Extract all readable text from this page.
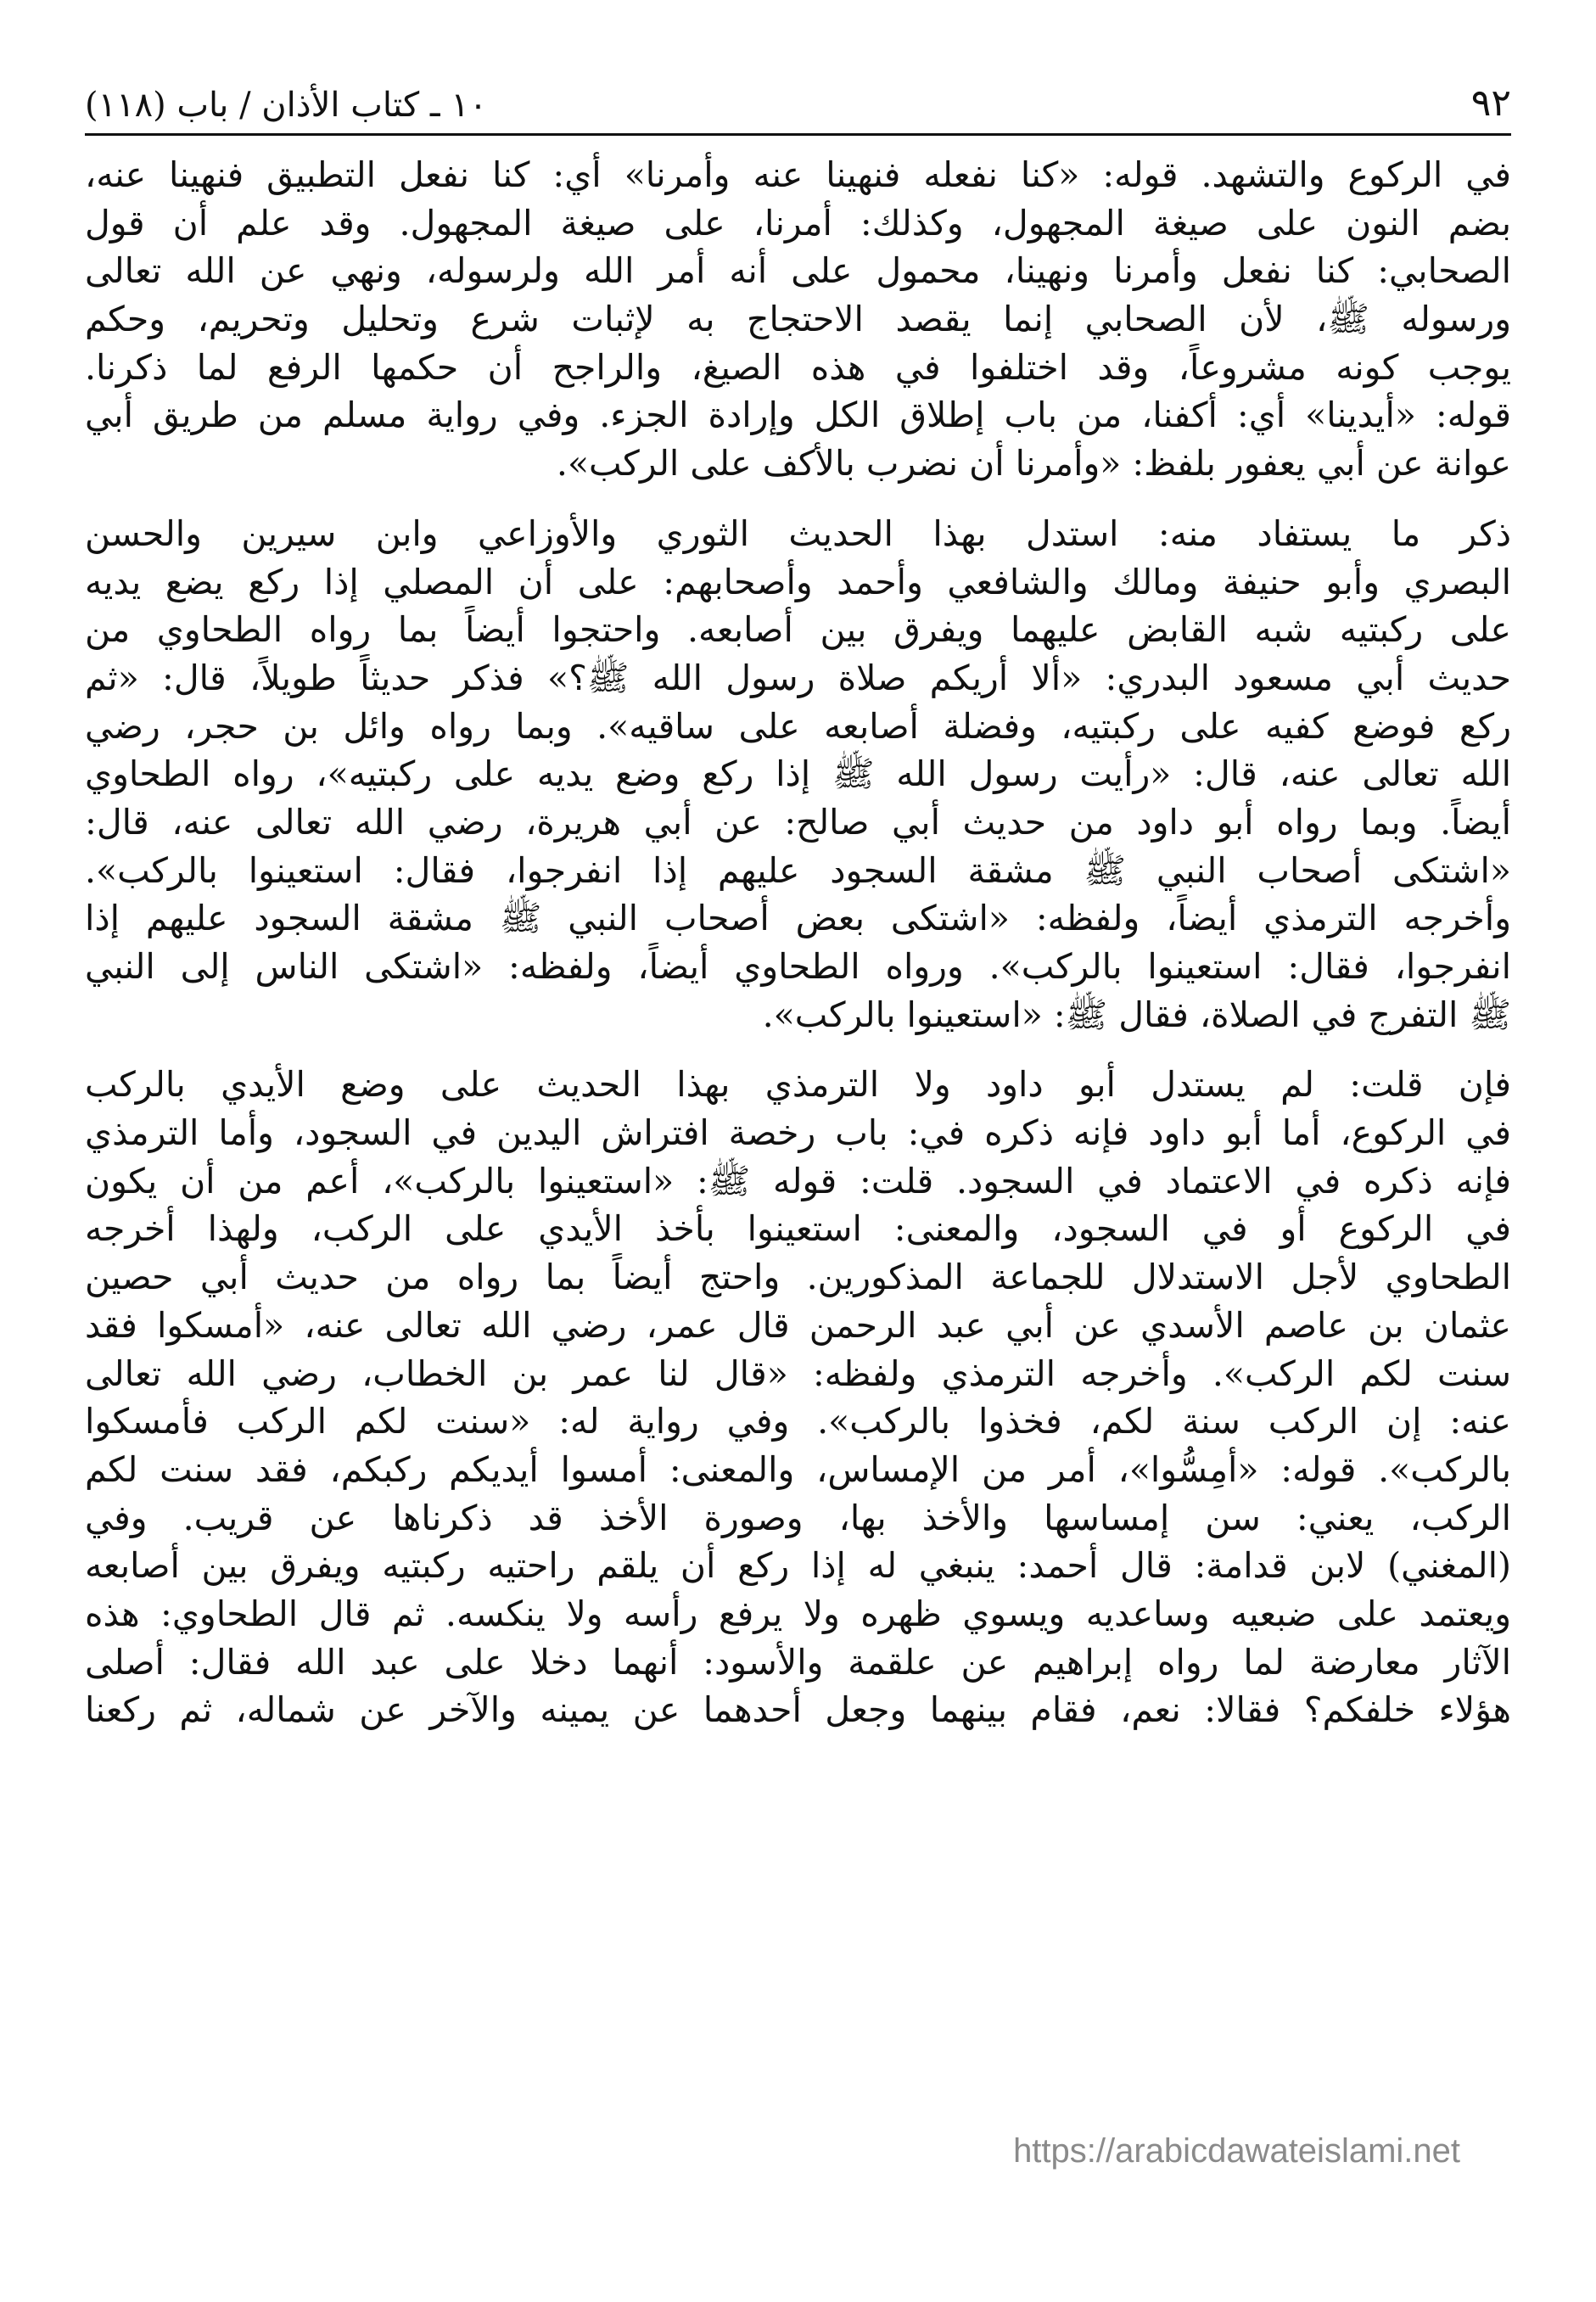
١٠ ـ كتاب الأذان / باب (١١٨)	٩٢
في الركوع والتشهد. قوله: «كنا نفعله فنهينا عنه وأمرنا» أي: كنا نفعل التطبيق فنهينا عنه،
بضم النون على صيغة المجهول، وكذلك: أمرنا، على صيغة المجهول. وقد علم أن قول
الصحابي: كنا نفعل وأمرنا ونهينا، محمول على أنه أمر الله ولرسوله، ونهي عن الله تعالى
ورسوله ﷺ، لأن الصحابي إنما يقصد الاحتجاج به لإثبات شرع وتحليل وتحريم، وحكم
يوجب كونه مشروعاً، وقد اختلفوا في هذه الصيغ، والراجح أن حكمها الرفع لما ذكرنا.
قوله: «أيدينا» أي: أكفنا، من باب إطلاق الكل وإرادة الجزء. وفي رواية مسلم من طريق أبي
عوانة عن أبي يعفور بلفظ: «وأمرنا أن نضرب بالأكف على الركب».
ذكر ما يستفاد منه: استدل بهذا الحديث الثوري والأوزاعي وابن سيرين والحسن
البصري وأبو حنيفة ومالك والشافعي وأحمد وأصحابهم: على أن المصلي إذا ركع يضع يديه
على ركبتيه شبه القابض عليهما ويفرق بين أصابعه. واحتجوا أيضاً بما رواه الطحاوي من
حديث أبي مسعود البدري: «ألا أريكم صلاة رسول الله ﷺ؟» فذكر حديثاً طويلاً، قال: «ثم
ركع فوضع كفيه على ركبتيه، وفضلة أصابعه على ساقيه». وبما رواه وائل بن حجر، رضي
الله تعالى عنه، قال: «رأيت رسول الله ﷺ إذا ركع وضع يديه على ركبتيه»، رواه الطحاوي
أيضاً. وبما رواه أبو داود من حديث أبي صالح: عن أبي هريرة، رضي الله تعالى عنه، قال:
«اشتكى أصحاب النبي ﷺ مشقة السجود عليهم إذا انفرجوا، فقال: استعينوا بالركب».
وأخرجه الترمذي أيضاً، ولفظه: «اشتكى بعض أصحاب النبي ﷺ مشقة السجود عليهم إذا
انفرجوا، فقال: استعينوا بالركب». ورواه الطحاوي أيضاً، ولفظه: «اشتكى الناس إلى النبي
ﷺ التفرج في الصلاة، فقال ﷺ: «استعينوا بالركب».
فإن قلت: لم يستدل أبو داود ولا الترمذي بهذا الحديث على وضع الأيدي بالركب
في الركوع، أما أبو داود فإنه ذكره في: باب رخصة افتراش اليدين في السجود، وأما الترمذي
فإنه ذكره في الاعتماد في السجود. قلت: قوله ﷺ: «استعينوا بالركب»، أعم من أن يكون
في الركوع أو في السجود، والمعنى: استعينوا بأخذ الأيدي على الركب، ولهذا أخرجه
الطحاوي لأجل الاستدلال للجماعة المذكورين. واحتج أيضاً بما رواه من حديث أبي حصين
عثمان بن عاصم الأسدي عن أبي عبد الرحمن قال عمر، رضي الله تعالى عنه، «أمسكوا فقد
سنت لكم الركب». وأخرجه الترمذي ولفظه: «قال لنا عمر بن الخطاب، رضي الله تعالى
عنه: إن الركب سنة لكم، فخذوا بالركب». وفي رواية له: «سنت لكم الركب فأمسكوا
بالركب». قوله: «أمِسُّوا»، أمر من الإمساس، والمعنى: أمسوا أيديكم ركبكم، فقد سنت لكم
الركب، يعني: سن إمساسها والأخذ بها، وصورة الأخذ قد ذكرناها عن قريب. وفي
(المغني) لابن قدامة: قال أحمد: ينبغي له إذا ركع أن يلقم راحتيه ركبتيه ويفرق بين أصابعه
ويعتمد على ضبعيه وساعديه ويسوي ظهره ولا يرفع رأسه ولا ينكسه. ثم قال الطحاوي: هذه
الآثار معارضة لما رواه إبراهيم عن علقمة والأسود: أنهما دخلا على عبد الله فقال: أصلى
هؤلاء خلفكم؟ فقالا: نعم، فقام بينهما وجعل أحدهما عن يمينه والآخر عن شماله، ثم ركعنا
https://arabicdawateislami.net
